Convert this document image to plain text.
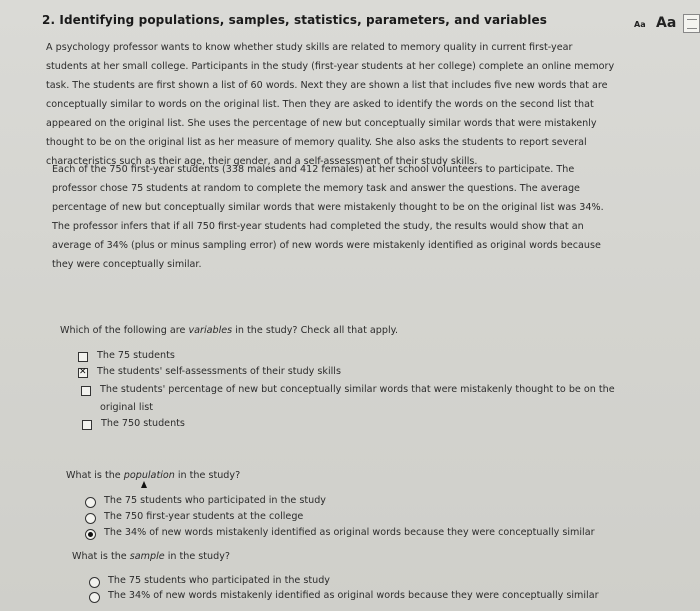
2. Identifying populations, samples, statistics, parameters, and variables	Aa Aa
A psychology professor wants to know whether study skills are related to memory quality in current first-year
students at her small college. Participants in the study (first-year students at her college) complete an online memory
task. The students are first shown a list of 60 words. Next they are shown a list that includes five new words that are
conceptually similar to words on the original list. Then they are asked to identify the words on the second list that
appeared on the original list. She uses the percentage of new but conceptually similar words that were mistakenly
thought to be on the original list as her measure of memory quality. She also asks the students to report several
characteristics such as their age, their gender, and a self-assessment of their study skills.
Each of the 750 first-year students (338 males and 412 females) at her school volunteers to participate. The
professor chose 75 students at random to complete the memory task and answer the questions. The average
percentage of new but conceptually similar words that were mistakenly thought to be on the original list was 34%.
The professor infers that if all 750 first-year students had completed the study, the results would show that an
average of 34% (plus or minus sampling error) of new words were mistakenly identified as original words because
they were conceptually similar.
Which of the following are variables in the study? Check all that apply.
The 75 students
✕
The students' self-assessments of their study skills
The students' percentage of new but conceptually similar words that were mistakenly thought to be on the
original list
The 750 students
What is the population in the study?
The 75 students who participated in the study
The 750 first-year students at the college
The 34% of new words mistakenly identified as original words because they were conceptually similar
What is the sample in the study?
The 75 students who participated in the study
The 34% of new words mistakenly identified as original words because they were conceptually similar
